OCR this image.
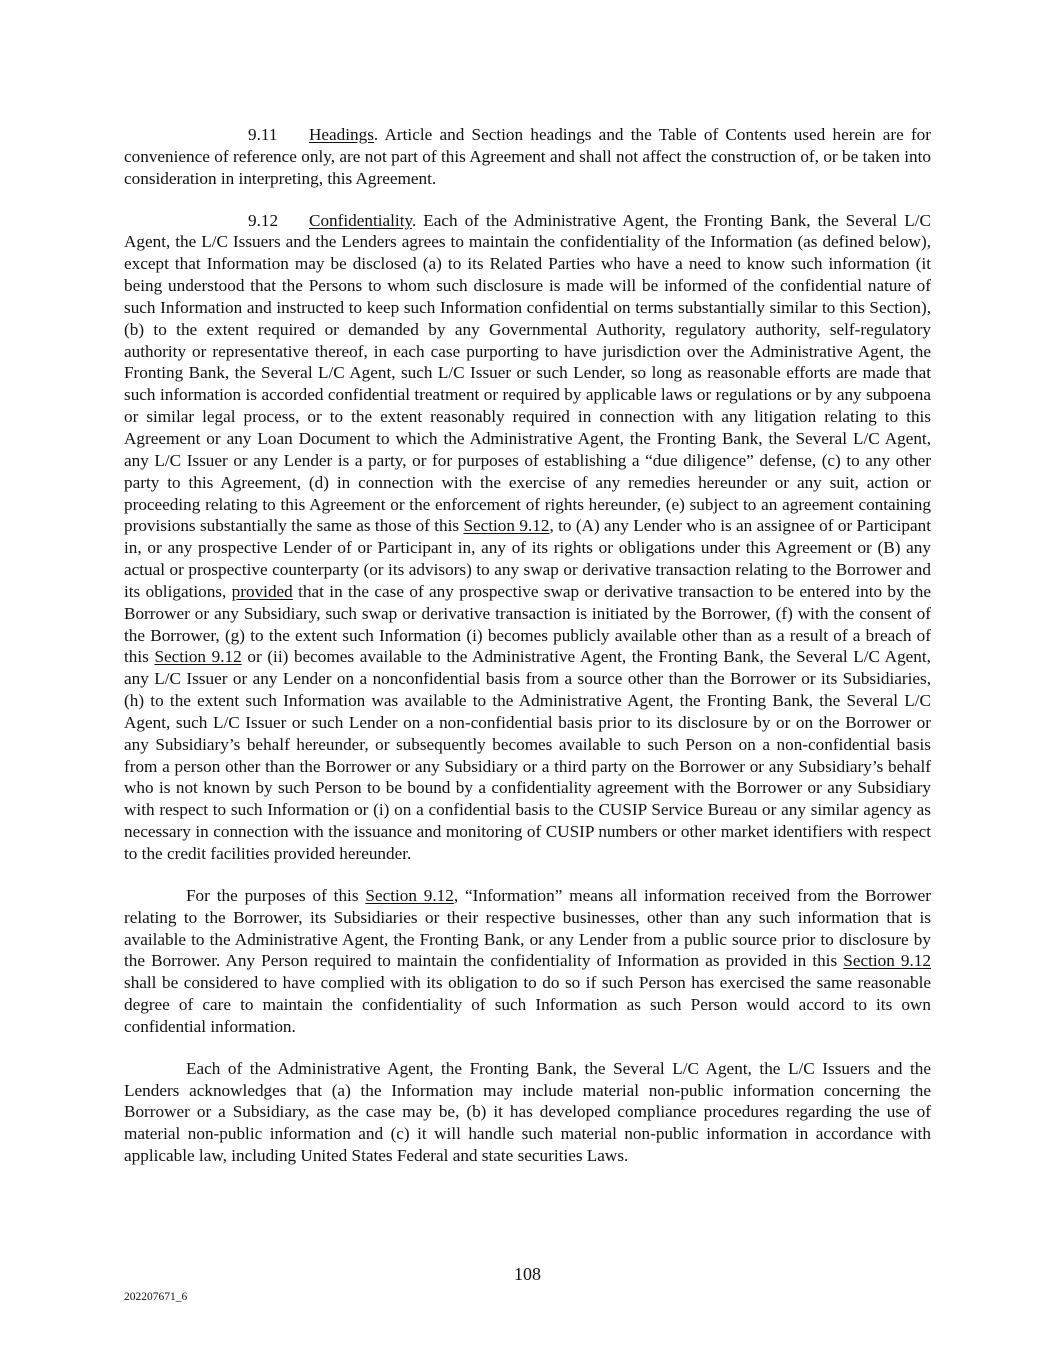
9.11 Headings. Article and Section headings and the Table of Contents used herein are for convenience of reference only, are not part of this Agreement and shall not affect the construction of, or be taken into consideration in interpreting, this Agreement.

9.12 Confidentiality. Each of the Administrative Agent, the Fronting Bank, the Several L/C Agent, the L/C Issuers and the Lenders agrees to maintain the confidentiality of the Information (as defined below), except that Information may be disclosed (a) to its Related Parties who have a need to know such information (it being understood that the Persons to whom such disclosure is made will be informed of the confidential nature of such Information and instructed to keep such Information confidential on terms substantially similar to this Section), (b) to the extent required or demanded by any Governmental Authority, regulatory authority, self-regulatory authority or representative thereof, in each case purporting to have jurisdiction over the Administrative Agent, the Fronting Bank, the Several L/C Agent, such L/C Issuer or such Lender, so long as reasonable efforts are made that such information is accorded confidential treatment or required by applicable laws or regulations or by any subpoena or similar legal process, or to the extent reasonably required in connection with any litigation relating to this Agreement or any Loan Document to which the Administrative Agent, the Fronting Bank, the Several L/C Agent, any L/C Issuer or any Lender is a party, or for purposes of establishing a “due diligence” defense, (c) to any other party to this Agreement, (d) in connection with the exercise of any remedies hereunder or any suit, action or proceeding relating to this Agreement or the enforcement of rights hereunder, (e) subject to an agreement containing provisions substantially the same as those of this Section 9.12, to (A) any Lender who is an assignee of or Participant in, or any prospective Lender of or Participant in, any of its rights or obligations under this Agreement or (B) any actual or prospective counterparty (or its advisors) to any swap or derivative transaction relating to the Borrower and its obligations, provided that in the case of any prospective swap or derivative transaction to be entered into by the Borrower or any Subsidiary, such swap or derivative transaction is initiated by the Borrower, (f) with the consent of the Borrower, (g) to the extent such Information (i) becomes publicly available other than as a result of a breach of this Section 9.12 or (ii) becomes available to the Administrative Agent, the Fronting Bank, the Several L/C Agent, any L/C Issuer or any Lender on a nonconfidential basis from a source other than the Borrower or its Subsidiaries, (h) to the extent such Information was available to the Administrative Agent, the Fronting Bank, the Several L/C Agent, such L/C Issuer or such Lender on a non-confidential basis prior to its disclosure by or on the Borrower or any Subsidiary’s behalf hereunder, or subsequently becomes available to such Person on a non-confidential basis from a person other than the Borrower or any Subsidiary or a third party on the Borrower or any Subsidiary’s behalf who is not known by such Person to be bound by a confidentiality agreement with the Borrower or any Subsidiary with respect to such Information or (i) on a confidential basis to the CUSIP Service Bureau or any similar agency as necessary in connection with the issuance and monitoring of CUSIP numbers or other market identifiers with respect to the credit facilities provided hereunder.

For the purposes of this Section 9.12, “Information” means all information received from the Borrower relating to the Borrower, its Subsidiaries or their respective businesses, other than any such information that is available to the Administrative Agent, the Fronting Bank, or any Lender from a public source prior to disclosure by the Borrower. Any Person required to maintain the confidentiality of Information as provided in this Section 9.12 shall be considered to have complied with its obligation to do so if such Person has exercised the same reasonable degree of care to maintain the confidentiality of such Information as such Person would accord to its own confidential information.

Each of the Administrative Agent, the Fronting Bank, the Several L/C Agent, the L/C Issuers and the Lenders acknowledges that (a) the Information may include material non-public information concerning the Borrower or a Subsidiary, as the case may be, (b) it has developed compliance procedures regarding the use of material non-public information and (c) it will handle such material non-public information in accordance with applicable law, including United States Federal and state securities Laws.

108
202207671_6
